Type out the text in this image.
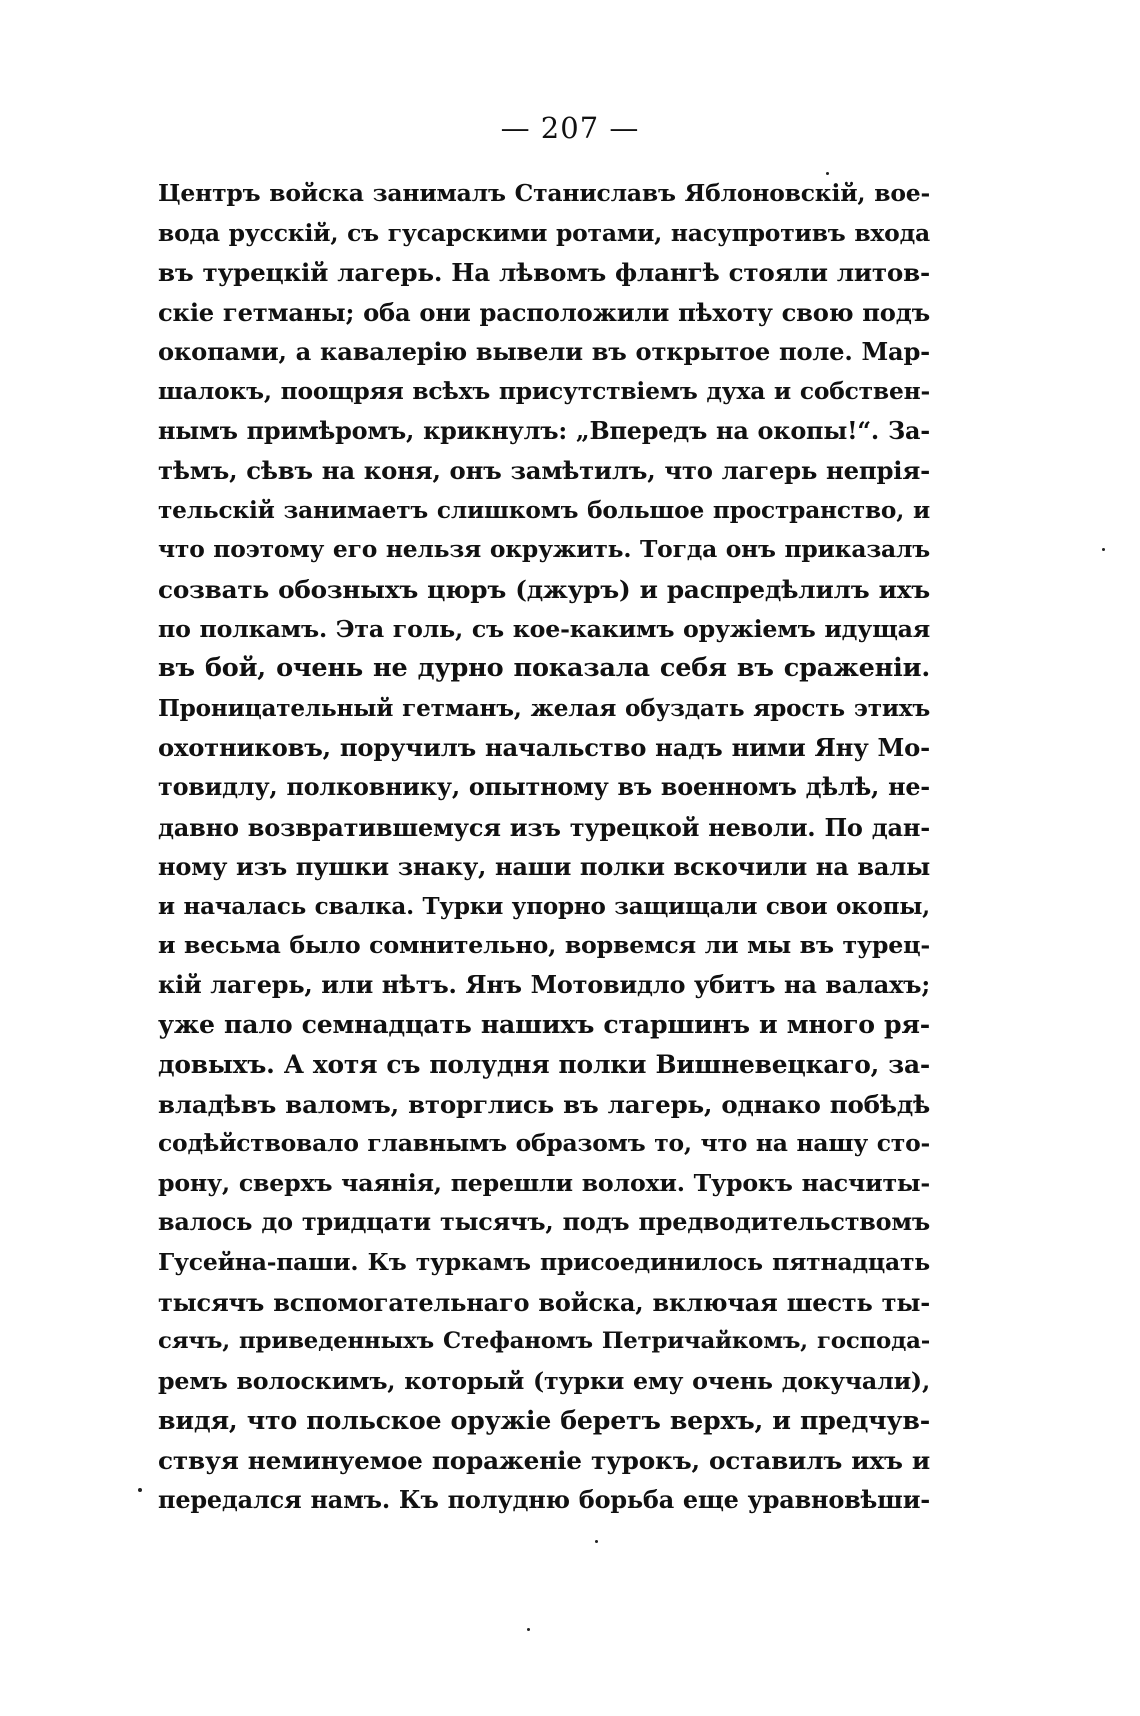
— 207 —
Центръ войска занималъ Станиславъ Яблоновскій, вое-
вода русскій, съ гусарскими ротами, насупротивъ входа
въ турецкій лагерь. На лѣвомъ флангѣ стояли литов-
скіе гетманы; оба они расположили пѣхоту свою подъ
окопами, а кавалерію вывели въ открытое поле. Мар-
шалокъ, поощряя всѣхъ присутствіемъ духа и собствен-
нымъ примѣромъ, крикнулъ: „Впередъ на окопы!“. За-
тѣмъ, сѣвъ на коня, онъ замѣтилъ, что лагерь непрія-
тельскій занимаетъ слишкомъ большое пространство, и
что поэтому его нельзя окружить. Тогда онъ приказалъ
созвать обозныхъ цюръ (джуръ) и распредѣлилъ ихъ
по полкамъ. Эта голь, съ кое-какимъ оружіемъ идущая
въ бой, очень не дурно показала себя въ сраженіи.
Проницательный гетманъ, желая обуздать ярость этихъ
охотниковъ, поручилъ начальство надъ ними Яну Мо-
товидлу, полковнику, опытному въ военномъ дѣлѣ, не-
давно возвратившемуся изъ турецкой неволи. По дан-
ному изъ пушки знаку, наши полки вскочили на валы
и началась свалка. Турки упорно защищали свои окопы,
и весьма было сомнительно, ворвемся ли мы въ турец-
кій лагерь, или нѣтъ. Янъ Мотовидло убитъ на валахъ;
уже пало семнадцать нашихъ старшинъ и много ря-
довыхъ. А хотя съ полудня полки Вишневецкаго, за-
владѣвъ валомъ, вторглись въ лагерь, однако побѣдѣ
содѣйствовало главнымъ образомъ то, что на нашу сто-
рону, сверхъ чаянія, перешли волохи. Турокъ насчиты-
валось до тридцати тысячъ, подъ предводительствомъ
Гусейна-паши. Къ туркамъ присоединилось пятнадцать
тысячъ вспомогательнаго войска, включая шесть ты-
сячъ, приведенныхъ Стефаномъ Петричайкомъ, господа-
ремъ волоскимъ, который (турки ему очень докучали),
видя, что польское оружіе беретъ верхъ, и предчув-
ствуя неминуемое пораженіе турокъ, оставилъ ихъ и
передался намъ. Къ полудню борьба еще уравновѣши-
